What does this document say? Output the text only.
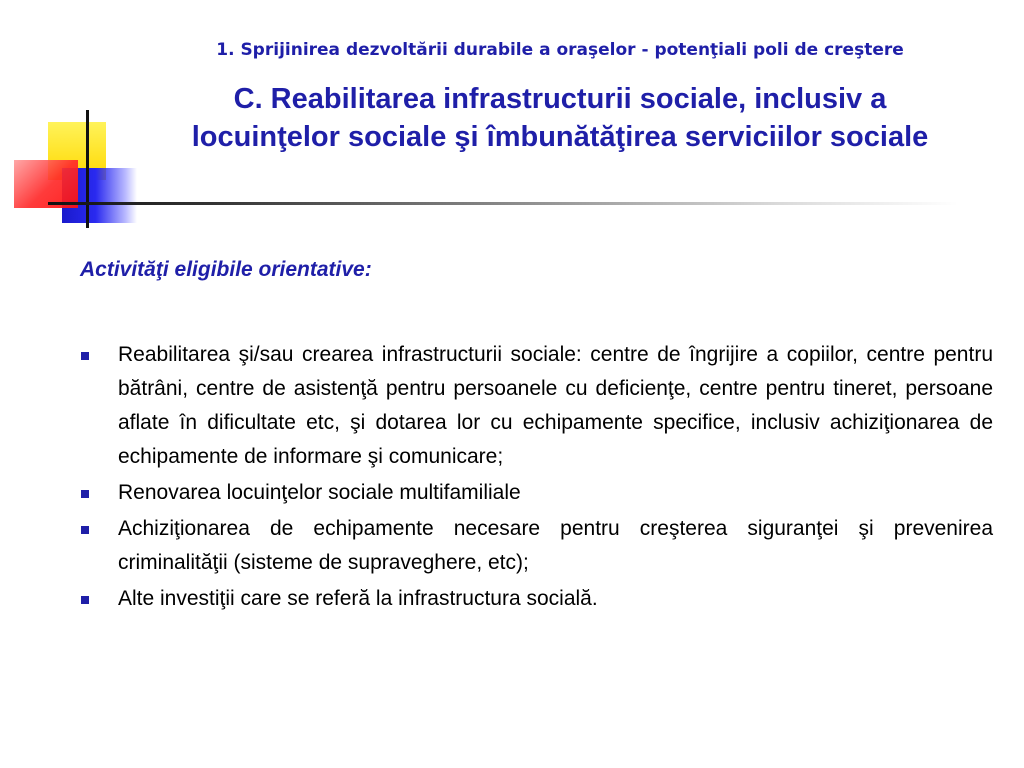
1. Sprijinirea dezvoltării durabile a oraşelor - potenţiali poli de creştere
C. Reabilitarea infrastructurii sociale, inclusiv a
locuinţelor sociale şi îmbunătăţirea serviciilor sociale
Activităţi eligibile orientative:
Reabilitarea şi/sau crearea infrastructurii sociale: centre de îngrijire a copiilor, centre pentru bătrâni, centre de asistenţă pentru persoanele cu deficienţe, centre pentru tineret, persoane aflate în dificultate etc, şi dotarea lor cu echipamente specifice, inclusiv achiziţionarea de echipamente de informare şi comunicare;
Renovarea locuinţelor sociale multifamiliale
Achiziţionarea de echipamente necesare pentru creşterea siguranţei şi prevenirea criminalităţii (sisteme de supraveghere, etc);
Alte investiţii care se referă la infrastructura socială.
